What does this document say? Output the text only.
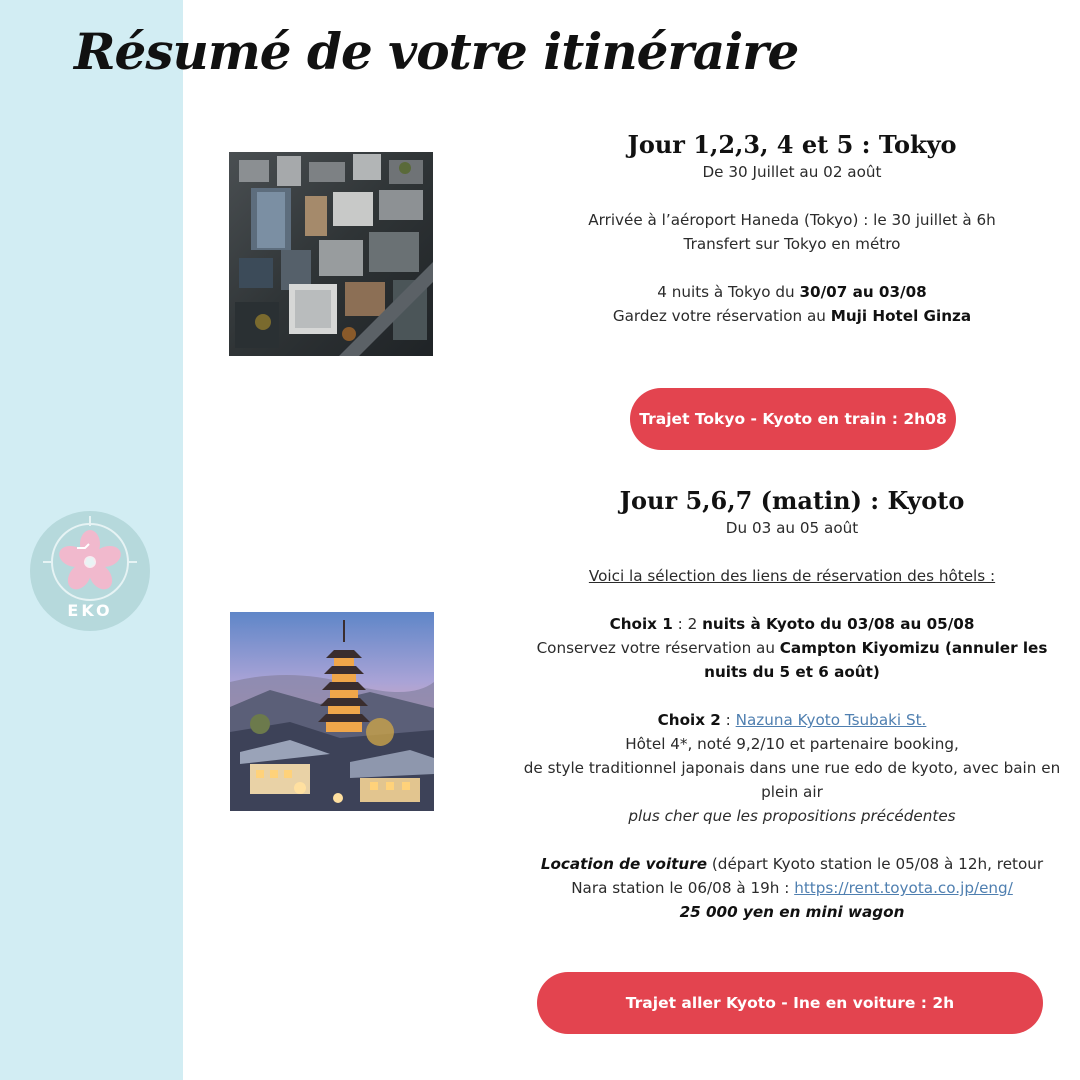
Résumé de votre itinéraire
EKO

Jour 1,2,3, 4 et 5 : Tokyo

De 30 Juillet au 02 août

Arrivée à l’aéroport Haneda (Tokyo) : le 30 juillet à 6h

Transfert sur Tokyo en métro

4 nuits à Tokyo du 30/07 au 03/08

Gardez votre réservation au Muji Hotel Ginza

Trajet Tokyo - Kyoto en train : 2h08

Jour 5,6,7 (matin) : Kyoto

Du 03 au 05 août

Voici la sélection des liens de réservation des hôtels :

Choix 1 : 2 nuits à Kyoto du 03/08 au 05/08

Conservez votre réservation au Campton Kiyomizu (annuler les nuits du 5 et 6 août)

Choix 2 : Nazuna Kyoto Tsubaki St.

Hôtel 4*, noté 9,2/10 et partenaire booking,

de style traditionnel japonais dans une rue edo de kyoto, avec bain en plein air

plus cher que les propositions précédentes

Location de voiture (départ Kyoto station le 05/08 à 12h, retour Nara station le 06/08 à 19h : https://rent.toyota.co.jp/eng/

25 000 yen en mini wagon

Trajet aller Kyoto - Ine en voiture : 2h
